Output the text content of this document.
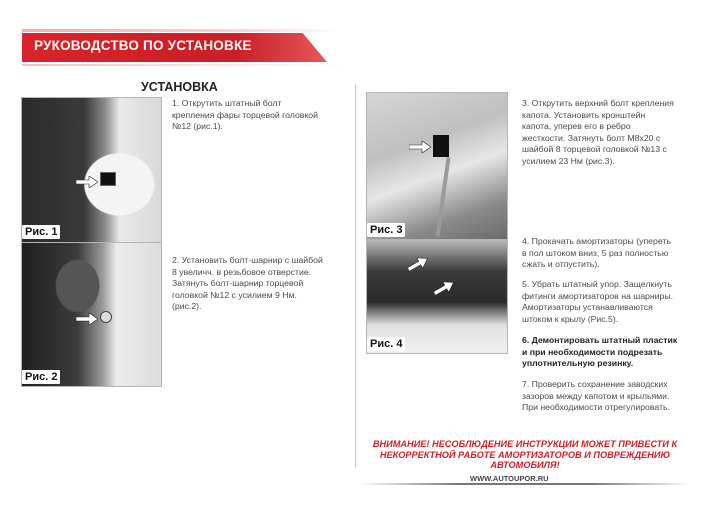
РУКОВОДСТВО ПО УСТАНОВКЕ
УСТАНОВКА
Рис. 1
Рис. 2
Рис. 3
Рис. 4
1. Открутить штатный болт
крепления фары торцевой головкой
№12 (рис.1).
2. Установить болт-шарнир с шайбой
8 увеличч. в резьбовое отверстие.
Затянуть болт-шарнир торцевой
головкой №12 с усилием 9 Нм.
(рис.2).
3. Открутить верхний болт крепления
капота. Установить кронштейн
капота, уперев его в ребро
жесткости. Затянуть болт М8х20 с
шайбой 8 торцевой головкой №13 с
усилием 23 Нм (рис.3).
4. Прокачать амортизаторы (упереть
в пол штоком вниз, 5 раз полностью
сжать и отпустить).
5. Убрать штатный упор. Защелкнуть
фитинги амортизаторов на шарниры.
Амортизаторы устанавливаются
штоком к крылу (Рис.5).
6. Демонтировать штатный пластик
и при необходимости подрезать
уплотнительную резинку.
7. Проверить сохранение заводских
зазоров между капотом и крыльями.
При необходимости отрегулировать.
ВНИМАНИЕ! НЕСОБЛЮДЕНИЕ ИНСТРУКЦИИ МОЖЕТ ПРИВЕСТИ К
НЕКОРРЕКТНОЙ РАБОТЕ АМОРТИЗАТОРОВ И ПОВРЕЖДЕНИЮ
АВТОМОБИЛЯ!
WWW.AUTOUPOR.RU
